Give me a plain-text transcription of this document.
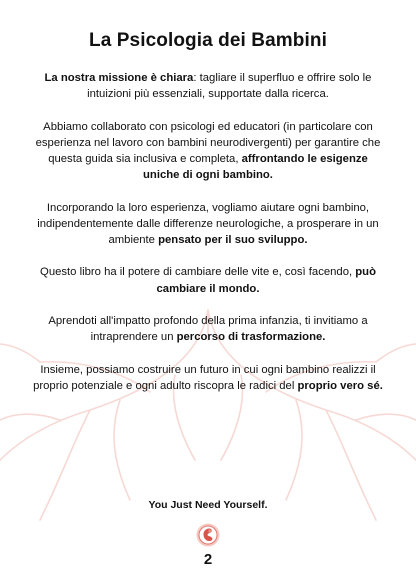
La Psicologia dei Bambini

La nostra missione è chiara: tagliare il superfluo e offrire solo le intuizioni più essenziali, supportate dalla ricerca.

Abbiamo collaborato con psicologi ed educatori (in particolare con esperienza nel lavoro con bambini neurodivergenti) per garantire che questa guida sia inclusiva e completa, affrontando le esigenze uniche di ogni bambino.

Incorporando la loro esperienza, vogliamo aiutare ogni bambino, indipendentemente dalle differenze neurologiche, a prosperare in un ambiente pensato per il suo sviluppo.

Questo libro ha il potere di cambiare delle vite e, così facendo, può cambiare il mondo.

Aprendoti all'impatto profondo della prima infanzia, ti invitiamo a intraprendere un percorso di trasformazione.

Insieme, possiamo costruire un futuro in cui ogni bambino realizzi il proprio potenziale e ogni adulto riscopra le radici del proprio vero sé.

You Just Need Yourself.
2
